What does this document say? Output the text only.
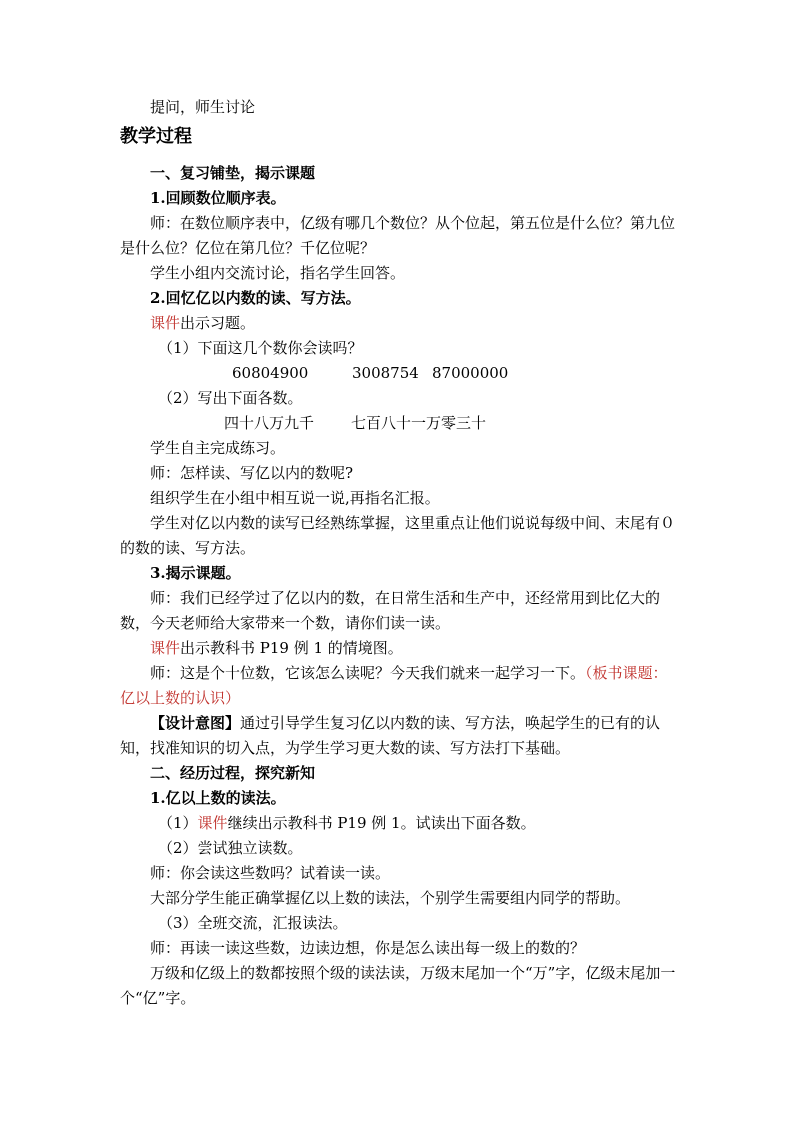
提问，师生讨论
教学过程
一、复习铺垫，揭示课题
1.回顾数位顺序表。
师：在数位顺序表中，亿级有哪几个数位？从个位起，第五位是什么位？第九位是什么位？亿位在第几位？千亿位呢？
学生小组内交流讨论，指名学生回答。
2.回忆亿以内数的读、写方法。
课件出示习题。
（1）下面这几个数你会读吗？
60804900	3008754 87000000
（2）写出下面各数。
四十八万九千 七百八十一万零三十
学生自主完成练习。
师：怎样读、写亿以内的数呢?
组织学生在小组中相互说一说,再指名汇报。
学生对亿以内数的读写已经熟练掌握，这里重点让他们说说每级中间、末尾有０的数的读、写方法。
3.揭示课题。
师：我们已经学过了亿以内的数，在日常生活和生产中，还经常用到比亿大的数，今天老师给大家带来一个数，请你们读一读。
课件出示教科书 P19 例 1 的情境图。
师：这是个十位数，它该怎么读呢？今天我们就来一起学习一下。（板书课题：亿以上数的认识）
【设计意图】通过引导学生复习亿以内数的读、写方法，唤起学生的已有的认知，找准知识的切入点，为学生学习更大数的读、写方法打下基础。
二、经历过程，探究新知
1.亿以上数的读法。
（1）课件继续出示教科书 P19 例 1。试读出下面各数。
（2）尝试独立读数。
师：你会读这些数吗？试着读一读。
大部分学生能正确掌握亿以上数的读法，个别学生需要组内同学的帮助。
（3）全班交流，汇报读法。
师：再读一读这些数，边读边想，你是怎么读出每一级上的数的？
万级和亿级上的数都按照个级的读法读，万级末尾加一个“万”字，亿级末尾加一个“亿”字。
